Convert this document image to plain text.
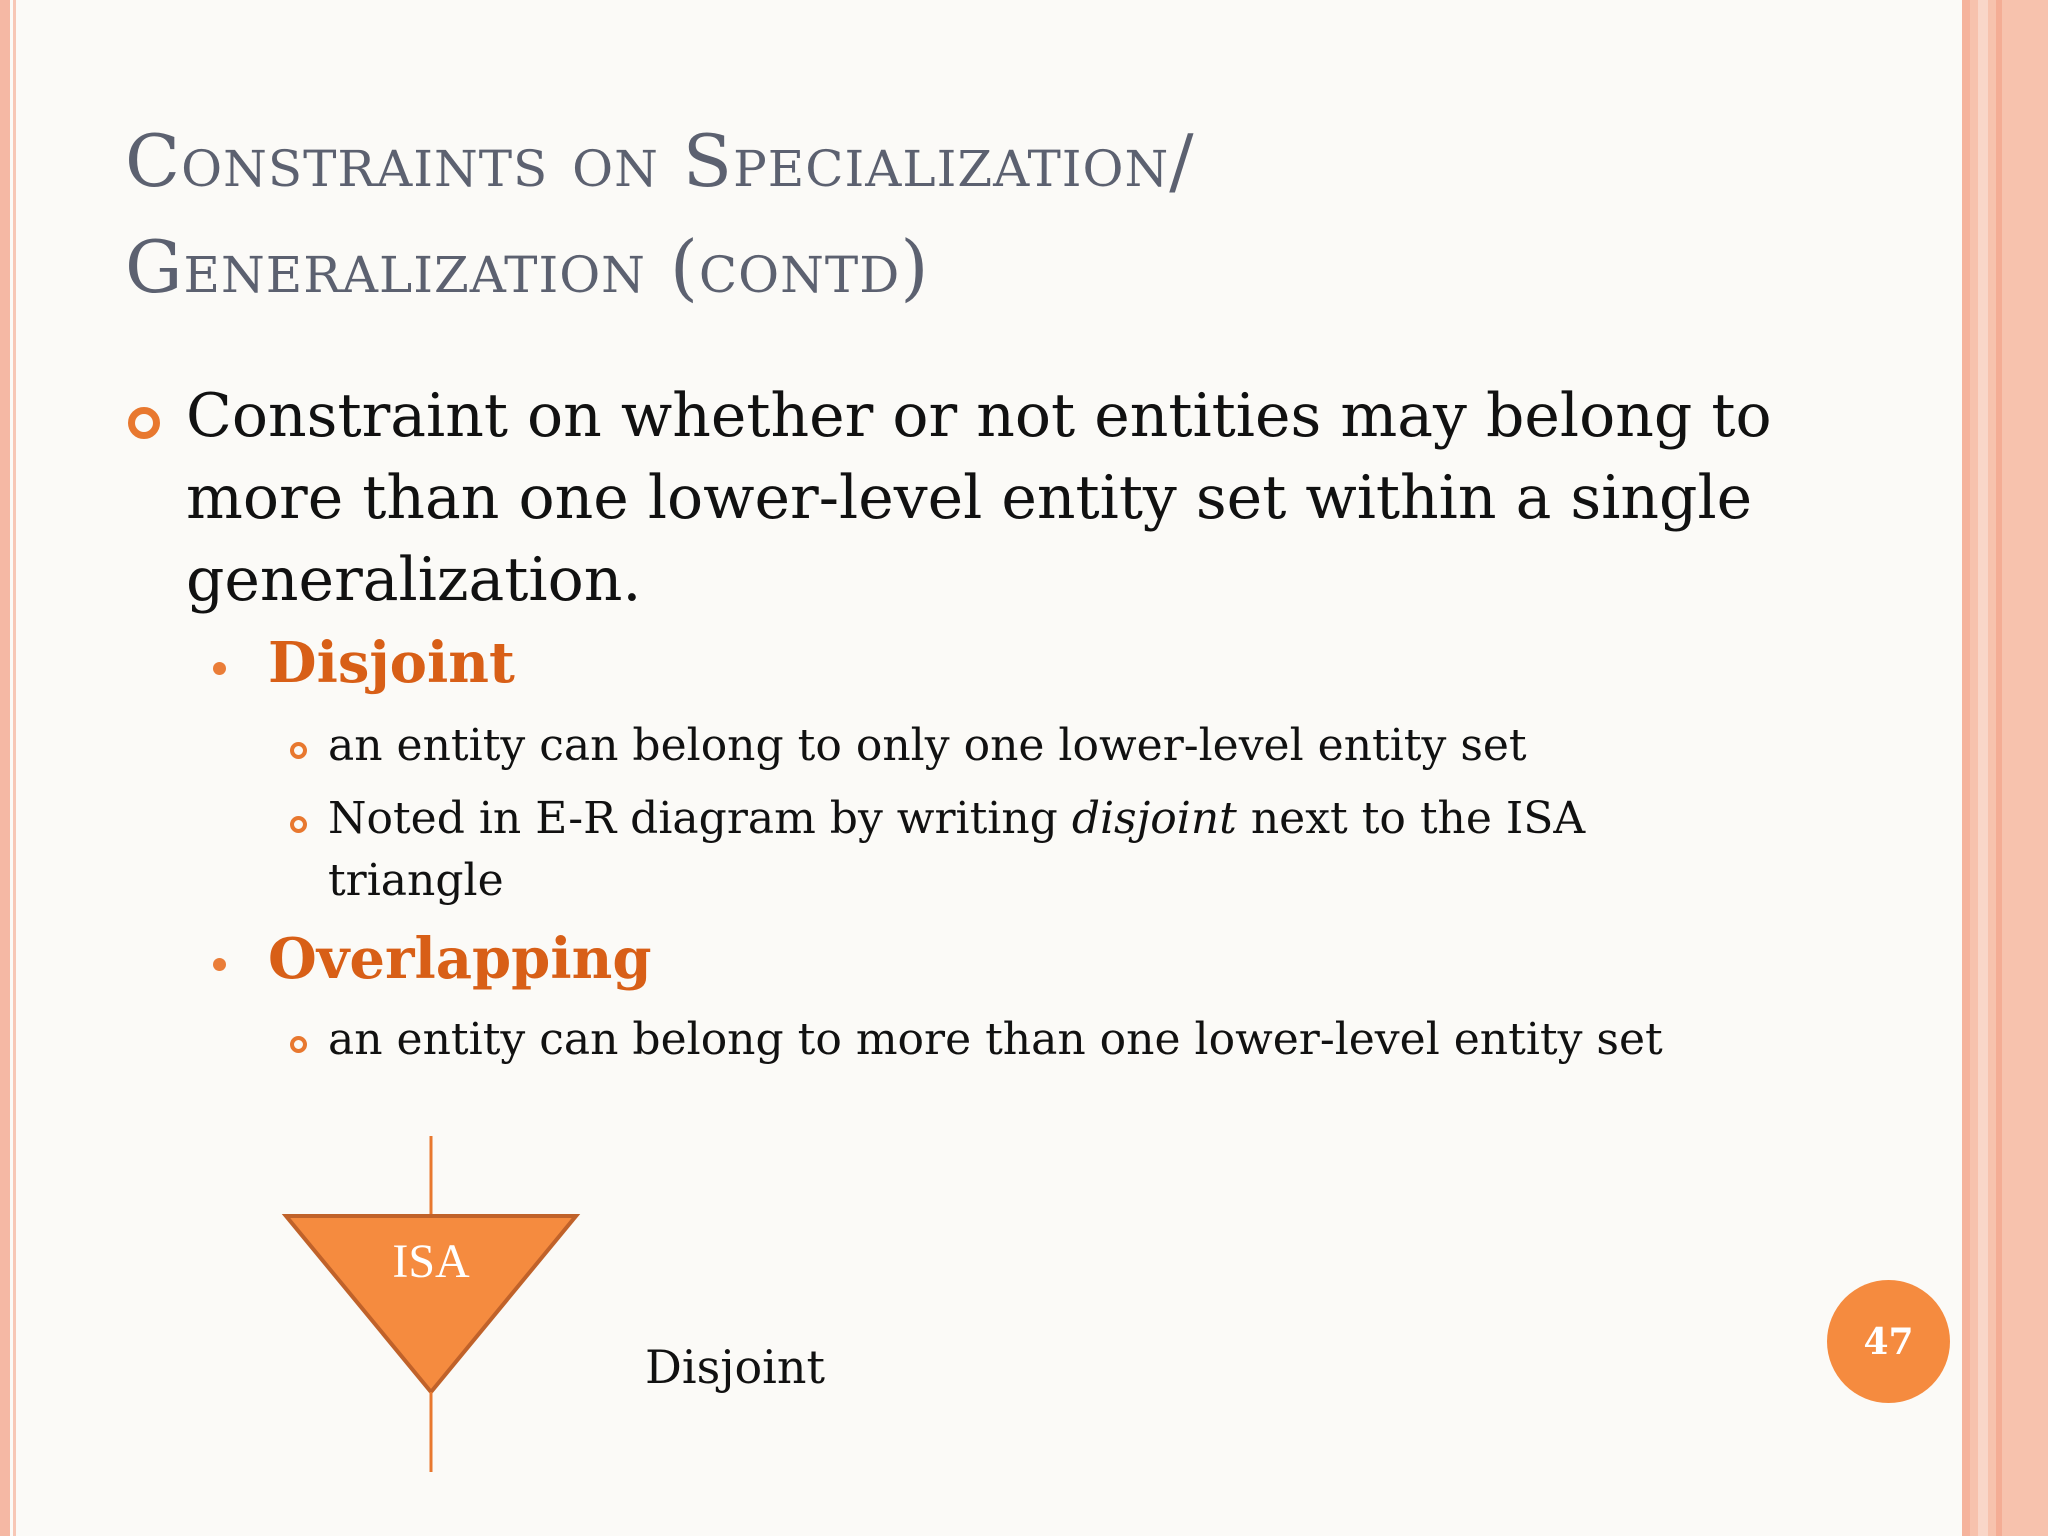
Constraints on Specialization/
Generalization (contd)
Constraint on whether or not entities may belong to more than one lower-level entity set within a single generalization.
Disjoint
an entity can belong to only one lower-level entity set
Noted in E-R diagram by writing disjoint next to the ISA triangle
Overlapping
an entity can belong to more than one lower-level entity set
ISA
Disjoint	47
